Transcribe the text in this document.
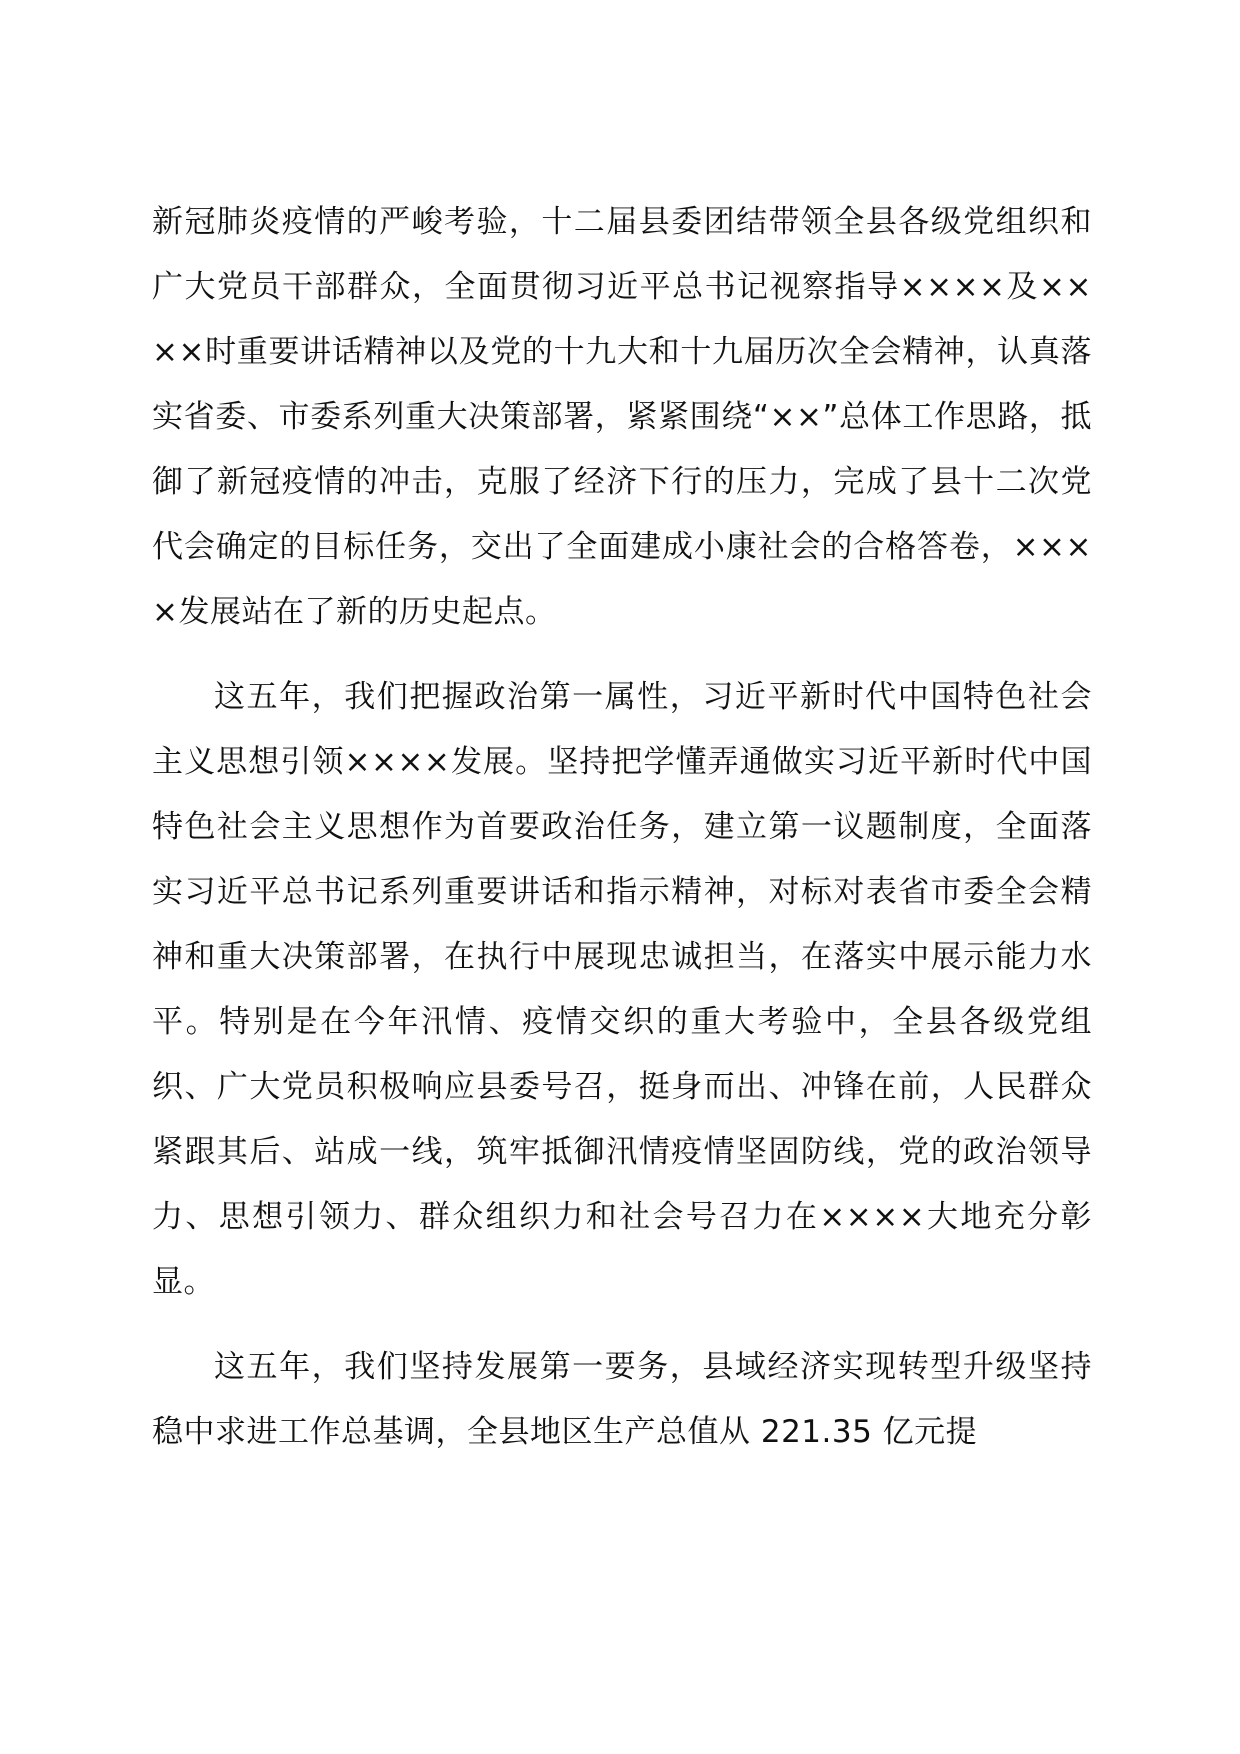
新冠肺炎疫情的严峻考验，十二届县委团结带领全县各级党组织和广大党员干部群众，全面贯彻习近平总书记视察指导××××及××××时重要讲话精神以及党的十九大和十九届历次全会精神，认真落实省委、市委系列重大决策部署，紧紧围绕“××”总体工作思路，抵御了新冠疫情的冲击，克服了经济下行的压力，完成了县十二次党代会确定的目标任务，交出了全面建成小康社会的合格答卷，××××发展站在了新的历史起点。

这五年，我们把握政治第一属性，习近平新时代中国特色社会主义思想引领××××发展。坚持把学懂弄通做实习近平新时代中国特色社会主义思想作为首要政治任务，建立第一议题制度，全面落实习近平总书记系列重要讲话和指示精神，对标对表省市委全会精神和重大决策部署，在执行中展现忠诚担当，在落实中展示能力水平。特别是在今年汛情、疫情交织的重大考验中，全县各级党组织、广大党员积极响应县委号召，挺身而出、冲锋在前，人民群众紧跟其后、站成一线，筑牢抵御汛情疫情坚固防线，党的政治领导力、思想引领力、群众组织力和社会号召力在××××大地充分彰显。

这五年，我们坚持发展第一要务，县域经济实现转型升级坚持稳中求进工作总基调，全县地区生产总值从 221.35 亿元提
